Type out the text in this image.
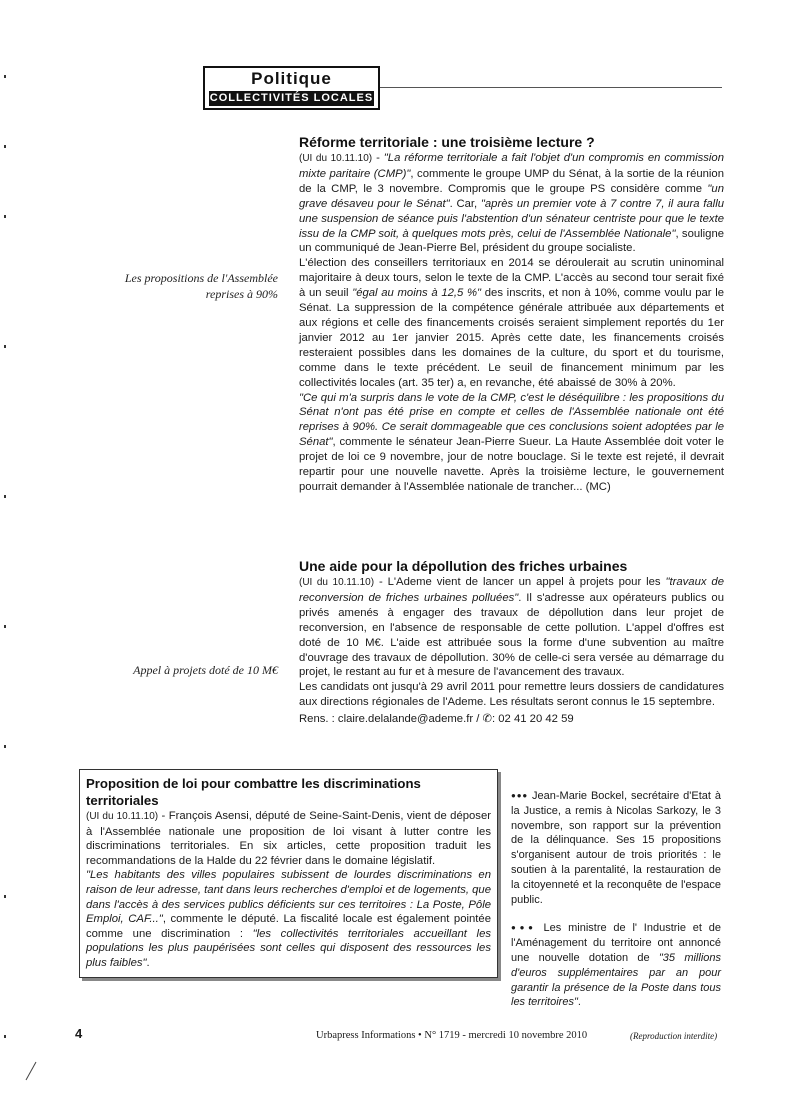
Politique
COLLECTIVITÉS LOCALES
Réforme territoriale : une troisième lecture ?

(UI du 10.11.10) - "La réforme territoriale a fait l'objet d'un compromis en commission mixte paritaire (CMP)", commente le groupe UMP du Sénat, à la sortie de la réunion de la CMP, le 3 novembre. Compromis que le groupe PS considère comme "un grave désaveu pour le Sénat". Car, "après un premier vote à 7 contre 7, il aura fallu une suspension de séance puis l'abstention d'un sénateur centriste pour que le texte issu de la CMP soit, à quelques mots près, celui de l'Assemblée Nationale", souligne un communiqué de Jean-Pierre Bel, président du groupe socialiste.

L'élection des conseillers territoriaux en 2014 se déroulerait au scrutin uninominal majoritaire à deux tours, selon le texte de la CMP. L'accès au second tour serait fixé à un seuil "égal au moins à 12,5 %" des inscrits, et non à 10%, comme voulu par le Sénat. La suppression de la compétence générale attribuée aux départements et aux régions et celle des financements croisés seraient simplement reportés du 1er janvier 2012 au 1er janvier 2015. Après cette date, les financements croisés resteraient possibles dans les domaines de la culture, du sport et du tourisme, comme dans le texte précédent. Le seuil de financement minimum par les collectivités locales (art. 35 ter) a, en revanche, été abaissé de 30% à 20%.

"Ce qui m'a surpris dans le vote de la CMP, c'est le déséquilibre : les propositions du Sénat n'ont pas été prise en compte et celles de l'Assemblée nationale ont été reprises à 90%. Ce serait dommageable que ces conclusions soient adoptées par le Sénat", commente le sénateur Jean-Pierre Sueur. La Haute Assemblée doit voter le projet de loi ce 9 novembre, jour de notre bouclage. Si le texte est rejeté, il devrait repartir pour une nouvelle navette. Après la troisième lecture, le gouvernement pourrait demander à l'Assemblée nationale de trancher... (MC)

Les propositions de l'Assemblée reprises à 90%
Une aide pour la dépollution des friches urbaines

(UI du 10.11.10) - L'Ademe vient de lancer un appel à projets pour les "travaux de reconversion de friches urbaines polluées". Il s'adresse aux opérateurs publics ou privés amenés à engager des travaux de dépollution dans leur projet de reconversion, en l'absence de responsable de cette pollution. L'appel d'offres est doté de 10 M€. L'aide est attribuée sous la forme d'une subvention au maître d'ouvrage des travaux de dépollution. 30% de celle-ci sera versée au démarrage du projet, le restant au fur et à mesure de l'avancement des travaux.

Les candidats ont jusqu'à 29 avril 2011 pour remettre leurs dossiers de candidatures aux directions régionales de l'Ademe. Les résultats seront connus le 15 septembre.

Rens. : claire.delalande@ademe.fr / ✆: 02 41 20 42 59

Appel à projets doté de 10 M€
Proposition de loi pour combattre les discriminations territoriales

(UI du 10.11.10) - François Asensi, député de Seine-Saint-Denis, vient de déposer à l'Assemblée nationale une proposition de loi visant à lutter contre les discriminations territoriales. En six articles, cette proposition traduit les recommandations de la Halde du 22 février dans le domaine législatif.

"Les habitants des villes populaires subissent de lourdes discriminations en raison de leur adresse, tant dans leurs recherches d'emploi et de logements, que dans l'accès à des services publics déficients sur ces territoires : La Poste, Pôle Emploi, CAF...", commente le député. La fiscalité locale est également pointée comme une discrimination : "les collectivités territoriales accueillant les populations les plus paupérisées sont celles qui disposent des ressources les plus faibles".

●●● Jean-Marie Bockel, secrétaire d'Etat à la Justice, a remis à Nicolas Sarkozy, le 3 novembre, son rapport sur la prévention de la délinquance. Ses 15 propositions s'organisent autour de trois priorités : le soutien à la parentalité, la restauration de la citoyenneté et la reconquête de l'espace public.

●●● Les ministre de l' Industrie et de l'Aménagement du territoire ont annoncé une nouvelle dotation de "35 millions d'euros supplémentaires par an pour garantir la présence de la Poste dans tous les territoires".

4	Urbapress Informations • N° 1719 - mercredi 10 novembre 2010	(Reproduction interdite)
